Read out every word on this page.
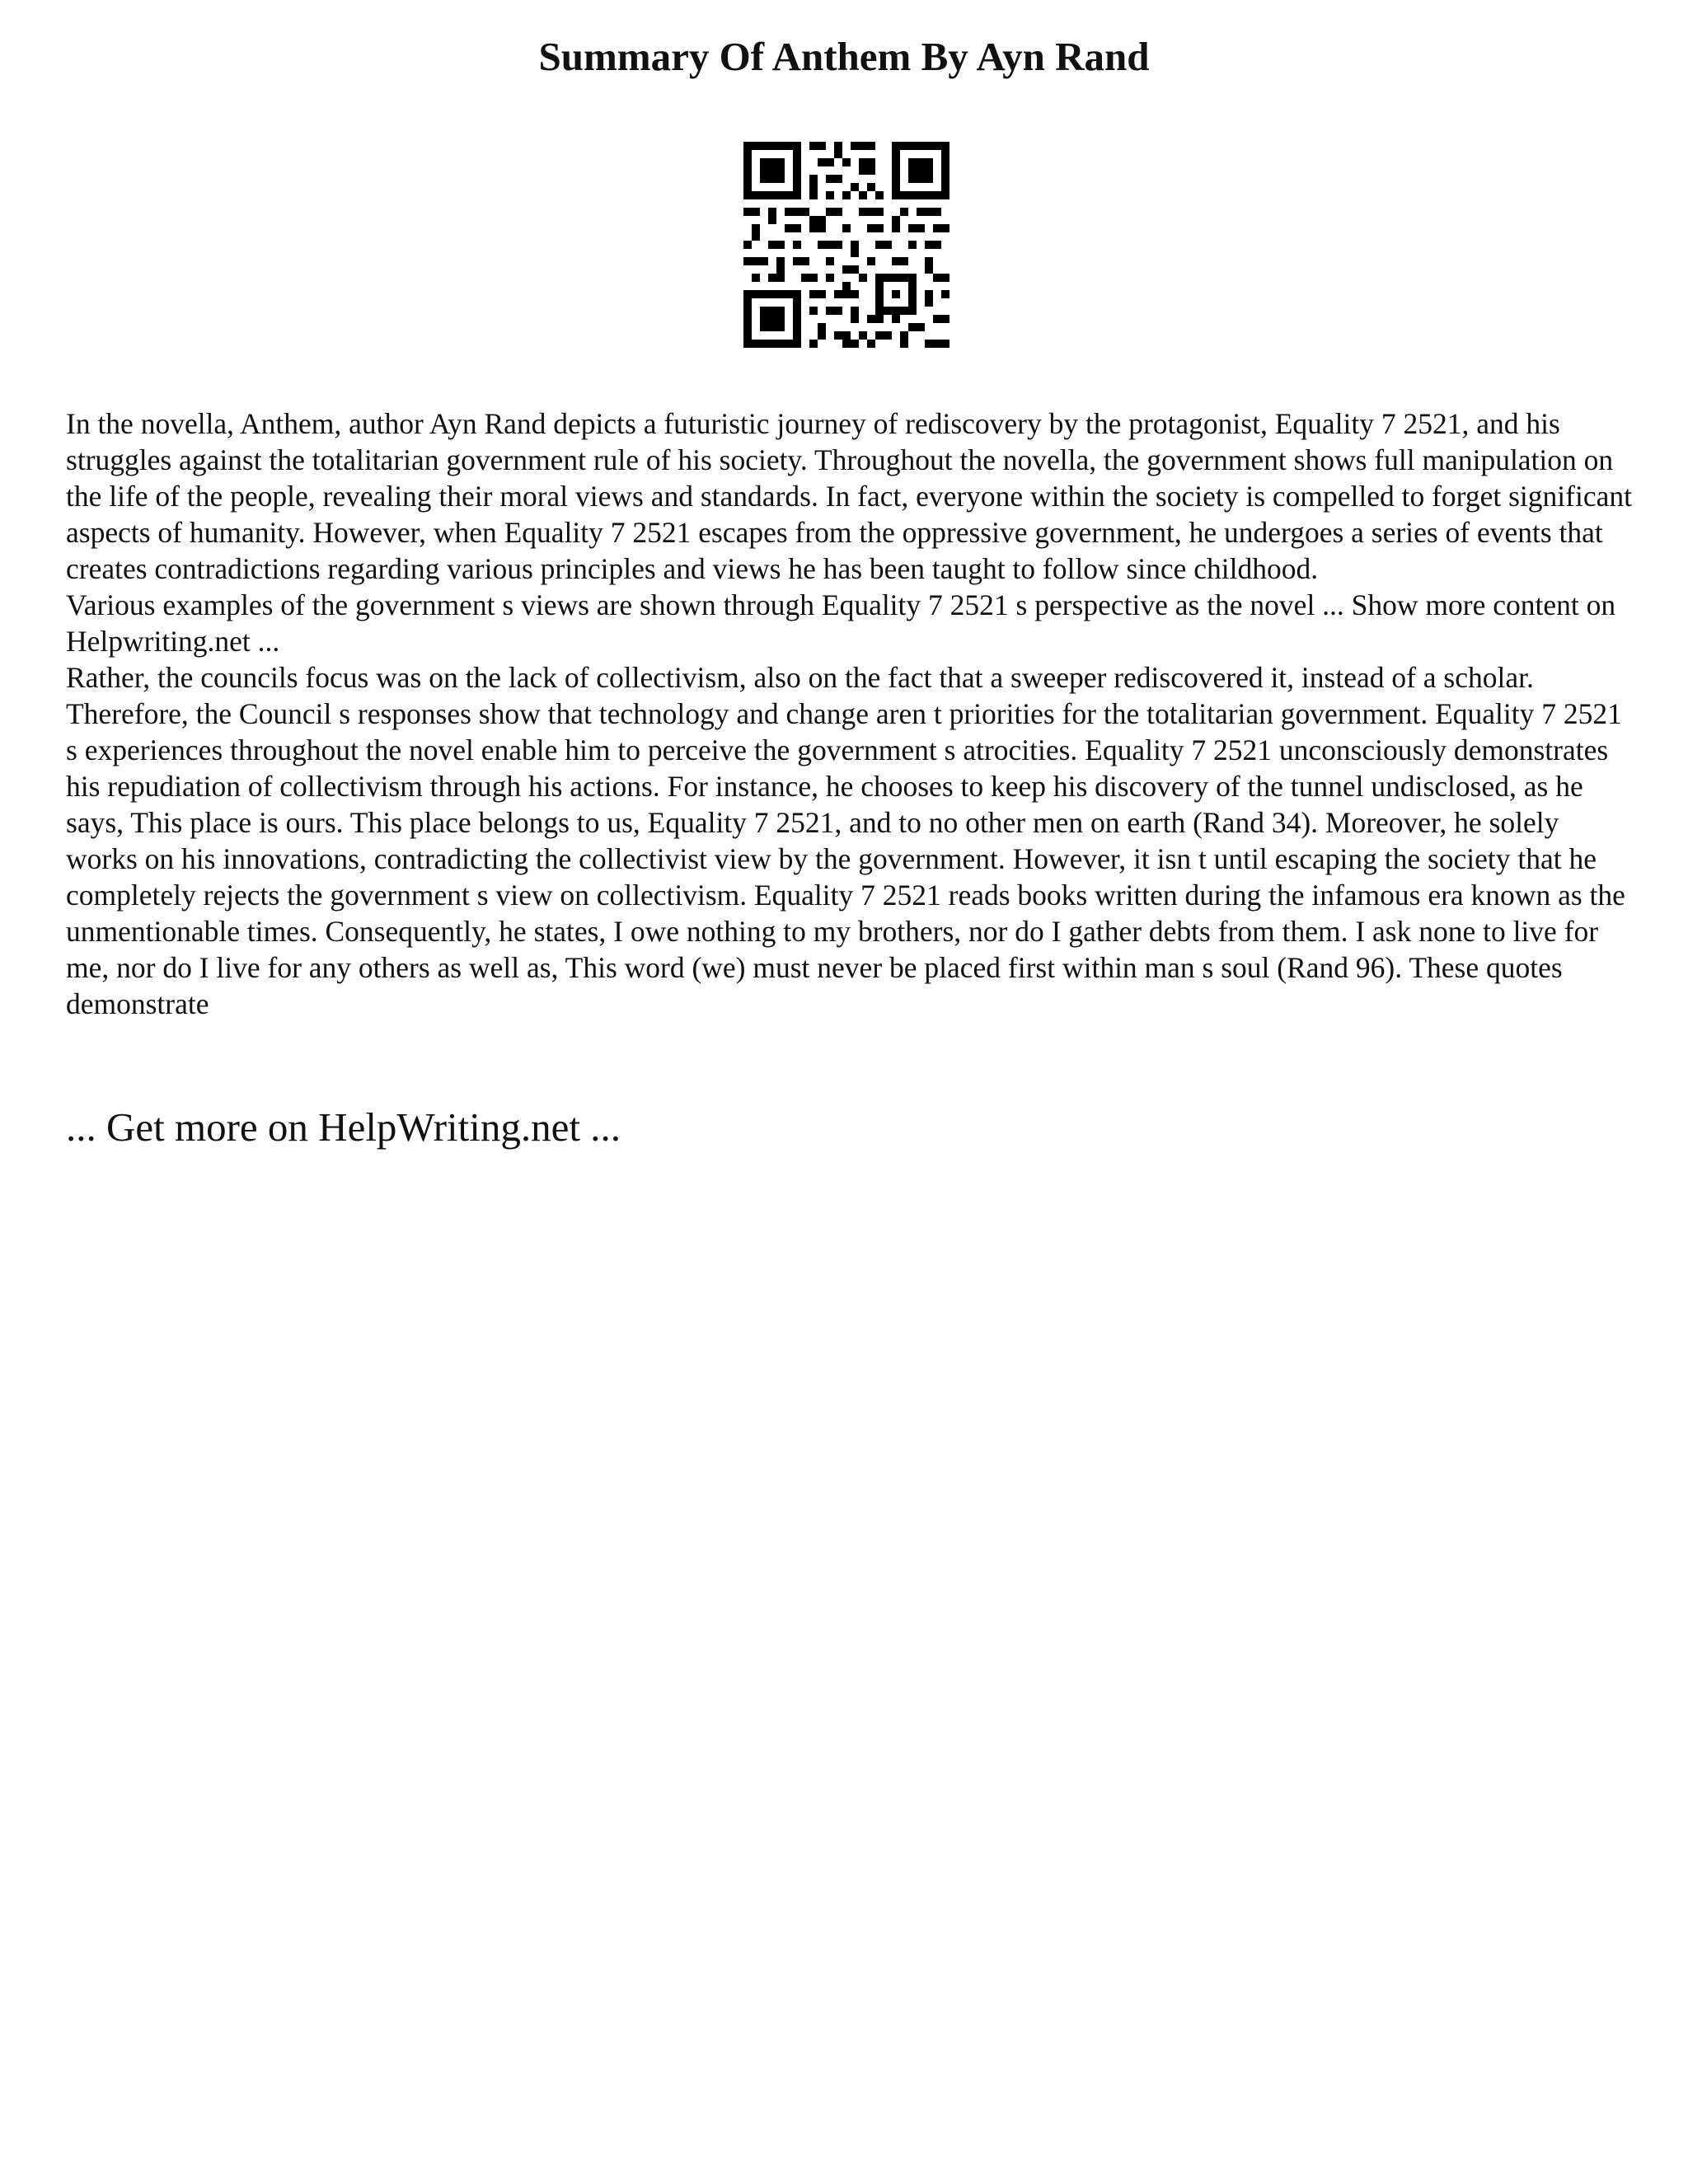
Summary Of Anthem By Ayn Rand

In the novella, Anthem, author Ayn Rand depicts a futuristic journey of rediscovery by the protagonist, Equality 7 2521, and his struggles against the totalitarian government rule of his society. Throughout the novella, the government shows full manipulation on the life of the people, revealing their moral views and standards. In fact, everyone within the society is compelled to forget significant aspects of humanity. However, when Equality 7 2521 escapes from the oppressive government, he undergoes a series of events that creates contradictions regarding various principles and views he has been taught to follow since childhood.

Various examples of the government s views are shown through Equality 7 2521 s perspective as the novel ... Show more content on Helpwriting.net ...

Rather, the councils focus was on the lack of collectivism, also on the fact that a sweeper rediscovered it, instead of a scholar. Therefore, the Council s responses show that technology and change aren t priorities for the totalitarian government. Equality 7 2521 s experiences throughout the novel enable him to perceive the government s atrocities. Equality 7 2521 unconsciously demonstrates his repudiation of collectivism through his actions. For instance, he chooses to keep his discovery of the tunnel undisclosed, as he says, This place is ours. This place belongs to us, Equality 7 2521, and to no other men on earth (Rand 34). Moreover, he solely works on his innovations, contradicting the collectivist view by the government. However, it isn t until escaping the society that he completely rejects the government s view on collectivism. Equality 7 2521 reads books written during the infamous era known as the unmentionable times. Consequently, he states, I owe nothing to my brothers, nor do I gather debts from them. I ask none to live for me, nor do I live for any others as well as, This word (we) must never be placed first within man s soul (Rand 96). These quotes demonstrate

... Get more on HelpWriting.net ...
